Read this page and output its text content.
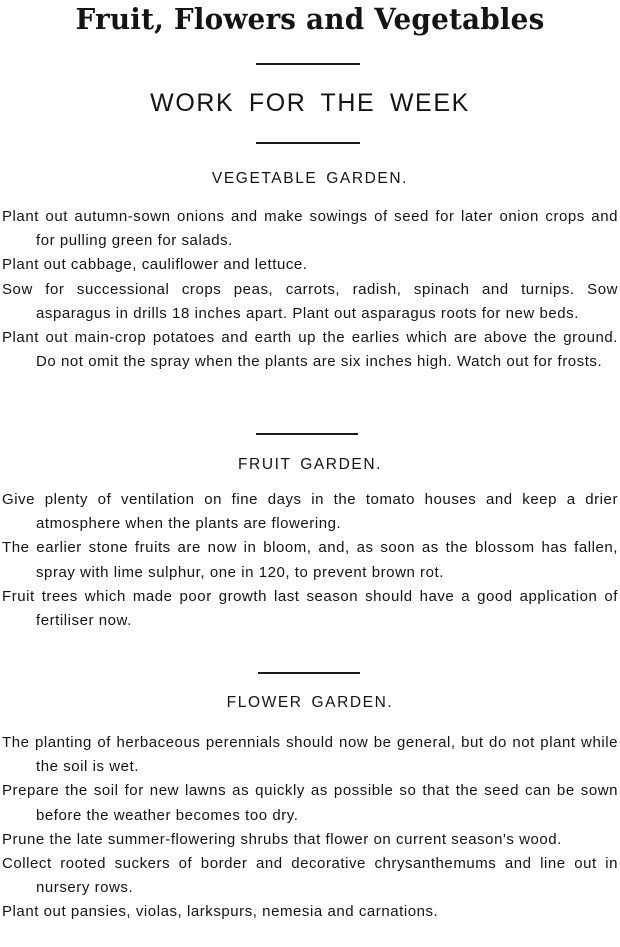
Fruit, Flowers and Vegetables
WORK FOR THE WEEK
VEGETABLE GARDEN.

Plant out autumn-sown onions and make sowings of seed for later onion crops and for pulling green for salads.

Plant out cabbage, cauliflower and lettuce.

Sow for successional crops peas, carrots, radish, spinach and turnips. Sow asparagus in drills 18 inches apart. Plant out asparagus roots for new beds.

Plant out main-crop potatoes and earth up the earlies which are above the ground. Do not omit the spray when the plants are six inches high. Watch out for frosts.

FRUIT GARDEN.

Give plenty of ventilation on fine days in the tomato houses and keep a drier atmosphere when the plants are flowering.

The earlier stone fruits are now in bloom, and, as soon as the blossom has fallen, spray with lime sulphur, one in 120, to prevent brown rot.

Fruit trees which made poor growth last season should have a good application of fertiliser now.

FLOWER GARDEN.

The planting of herbaceous perennials should now be general, but do not plant while the soil is wet.

Prepare the soil for new lawns as quickly as possible so that the seed can be sown before the weather becomes too dry.

Prune the late summer-flowering shrubs that flower on current season's wood.

Collect rooted suckers of border and decorative chrysanthemums and line out in nursery rows.

Plant out pansies, violas, larkspurs, nemesia and carnations.
